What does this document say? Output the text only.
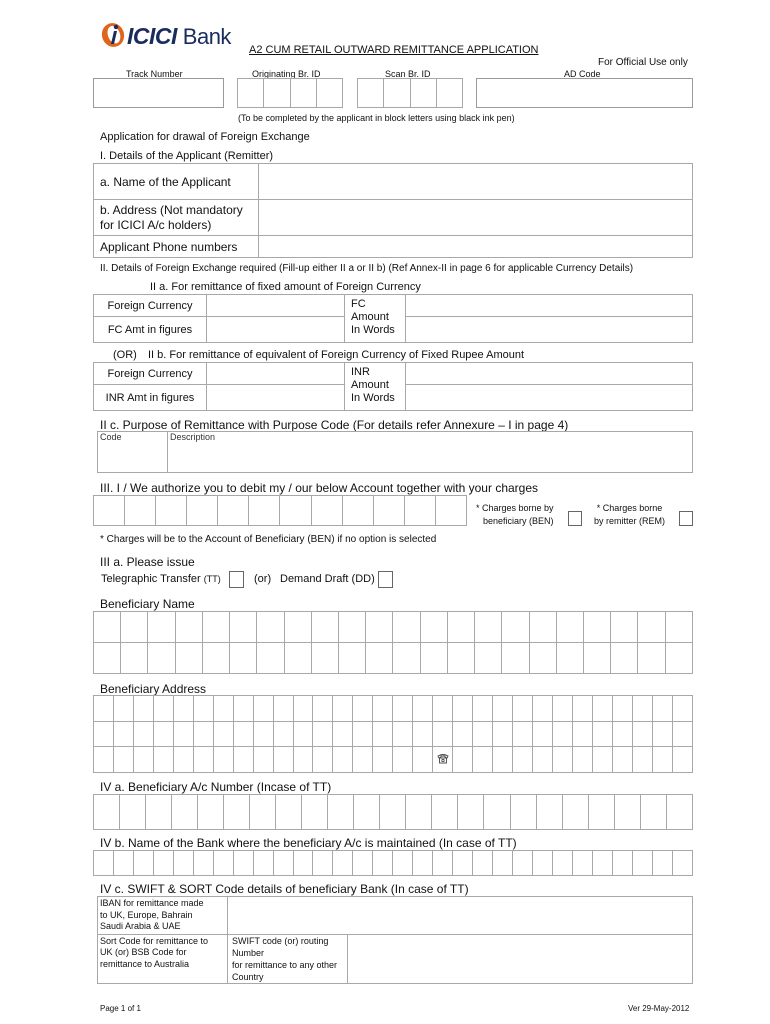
ICICI Bank
A2 CUM RETAIL OUTWARD REMITTANCE APPLICATION
For Official Use only
Track Number	Originating Br. ID	Scan Br. ID	AD Code

(To be completed by the applicant in block letters using black ink pen)
Application for drawal of Foreign Exchange
I. Details of the Applicant (Remitter)
a. Name of the Applicant	

b. Address (Not mandatory
for ICICI A/c holders)	

Applicant Phone numbers	

II. Details of Foreign Exchange required (Fill-up either II a or II b) (Ref Annex-II in page 6 for applicable Currency Details)
II a. For remittance of fixed amount of Foreign Currency
Foreign Currency		FC
Amount
In Words	

FC Amt in figures			
(OR) II b. For remittance of equivalent of Foreign Currency of Fixed Rupee Amount
Foreign Currency		INR
Amount
In Words	

INR Amt in figures			
II c. Purpose of Remittance with Purpose Code (For details refer Annexure – I in page 4)
Code	Description
III. I / We authorize you to debit my / our below Account together with your charges

* Charges borne by
beneficiary (BEN)
* Charges borne
by remitter (REM)
* Charges will be to the Account of Beneficiary (BEN) if no option is selected
III a. Please issue
Telegraphic Transfer (TT)	(or) Demand Draft (DD)
Beneficiary Name

Beneficiary Address

IV a. Beneficiary A/c Number (Incase of TT)

IV b. Name of the Bank where the beneficiary A/c is maintained (In case of TT)

IV c. SWIFT & SORT Code details of beneficiary Bank (In case of TT)
IBAN for remittance made
to UK, Europe, Bahrain
Saudi Arabia & UAE		

Sort Code for remittance to
UK (or) BSB Code for
remittance to Australia	SWIFT code (or) routing Number
for remittance to any other Country	

Page 1 of 1	Ver 29-May-2012
